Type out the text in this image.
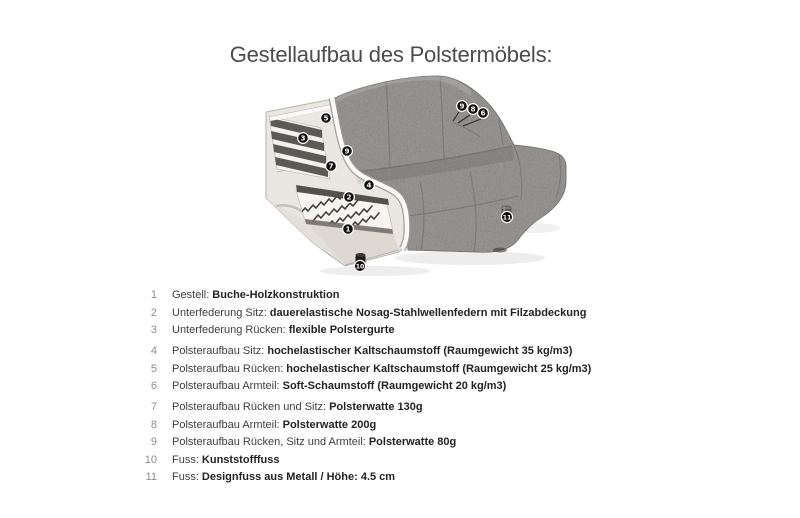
Gestellaufbau des Polstermöbels:
5
3
9
7
4
2
1
10
9 8 6
11
1 Gestell: Buche-Holzkonstruktion
2 Unterfederung Sitz: dauerelastische Nosag-Stahlwellenfedern mit Filzabdeckung
3 Unterfederung Rücken: flexible Polstergurte
4 Polsteraufbau Sitz: hochelastischer Kaltschaumstoff (Raumgewicht 35 kg/m3)
5 Polsteraufbau Rücken: hochelastischer Kaltschaumstoff (Raumgewicht 25 kg/m3)
6 Polsteraufbau Armteil: Soft-Schaumstoff (Raumgewicht 20 kg/m3)
7 Polsteraufbau Rücken und Sitz: Polsterwatte 130g
8 Polsteraufbau Armteil: Polsterwatte 200g
9 Polsteraufbau Rücken, Sitz und Armteil: Polsterwatte 80g
10 Fuss: Kunststofffuss
11 Fuss: Designfuss aus Metall / Höhe: 4.5 cm
